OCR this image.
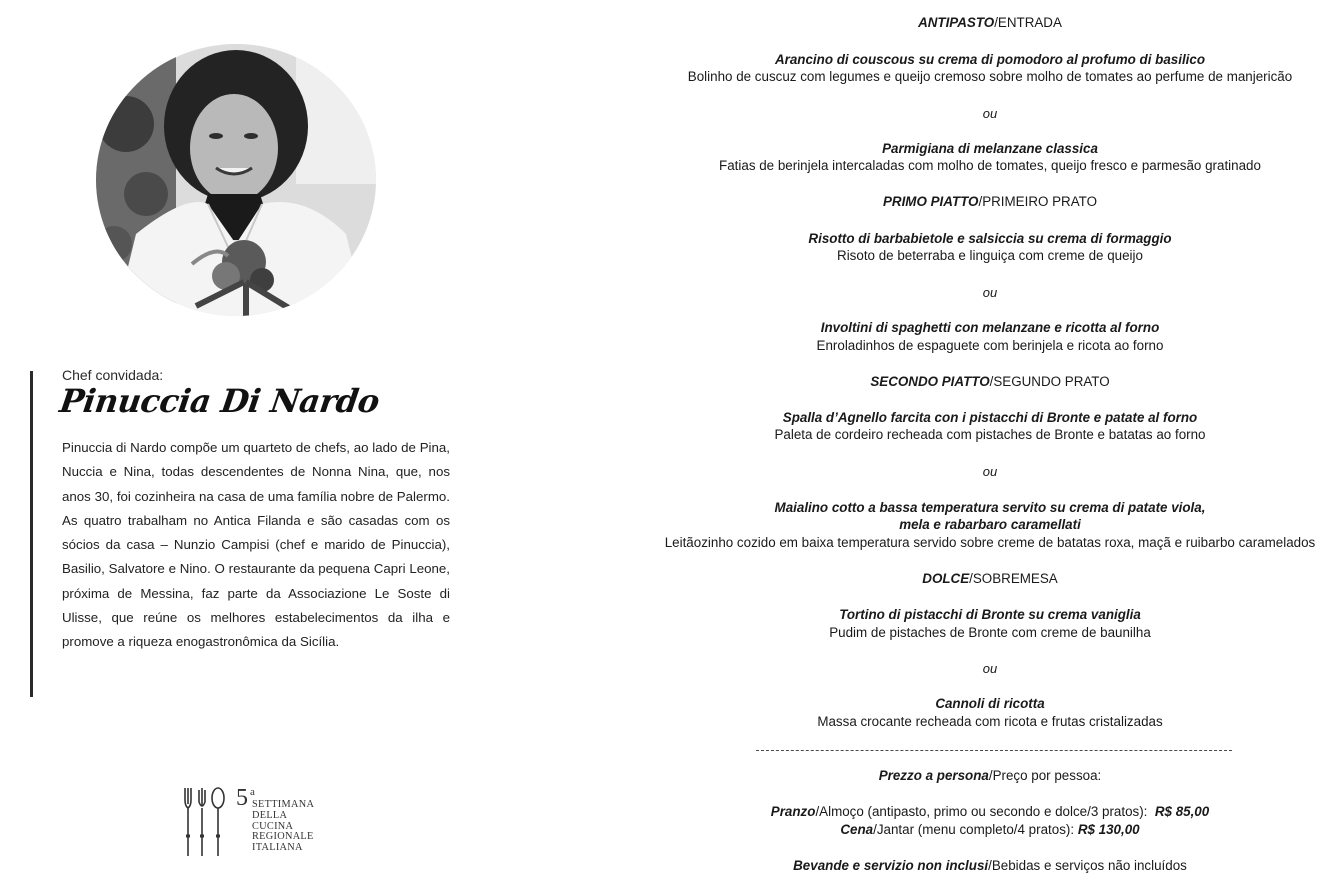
Chef convidada:
Pinuccia Di Nardo

Pinuccia di Nardo compõe um quarteto de chefs, ao lado de Pina, Nuccia e Nina, todas descendentes de Nonna Nina, que, nos anos 30, foi cozinheira na casa de uma família nobre de Palermo. As quatro trabalham no Antica Filanda e são casadas com os sócios da casa – Nunzio Campisi (chef e marido de Pinuccia), Basilio, Salvatore e Nino. O restaurante da pequena Capri Leone, próxima de Messina, faz parte da Associazione Le Soste di Ulisse, que reúne os melhores estabelecimentos da ilha e promove a riqueza enogastronômica da Sicília.

5 a
SETTIMANA
DELLA
CUCINA
REGIONALE
ITALIANA
ANTIPASTO/ENTRADA
Arancino di couscous su crema di pomodoro al profumo di basilico
Bolinho de cuscuz com legumes e queijo cremoso sobre molho de tomates ao perfume de manjericão
ou
Parmigiana di melanzane classica
Fatias de berinjela intercaladas com molho de tomates, queijo fresco e parmesão gratinado
PRIMO PIATTO/PRIMEIRO PRATO
Risotto di barbabietole e salsiccia su crema di formaggio
Risoto de beterraba e linguiça com creme de queijo
ou
Involtini di spaghetti con melanzane e ricotta al forno
Enroladinhos de espaguete com berinjela e ricota ao forno
SECONDO PIATTO/SEGUNDO PRATO
Spalla d’Agnello farcita con i pistacchi di Bronte e patate al forno
Paleta de cordeiro recheada com pistaches de Bronte e batatas ao forno
ou
Maialino cotto a bassa temperatura servito su crema di patate viola,
mela e rabarbaro caramellati
Leitãozinho cozido em baixa temperatura servido sobre creme de batatas roxa, maçã e ruibarbo caramelados
DOLCE/SOBREMESA
Tortino di pistacchi di Bronte su crema vaniglia
Pudim de pistaches de Bronte com creme de baunilha
ou
Cannoli di ricotta
Massa crocante recheada com ricota e frutas cristalizadas
Prezzo a persona/Preço por pessoa:
Pranzo/Almoço (antipasto, primo ou secondo e dolce/3 pratos): R$ 85,00
Cena/Jantar (menu completo/4 pratos): R$ 130,00
Bevande e servizio non inclusi/Bebidas e serviços não incluídos
